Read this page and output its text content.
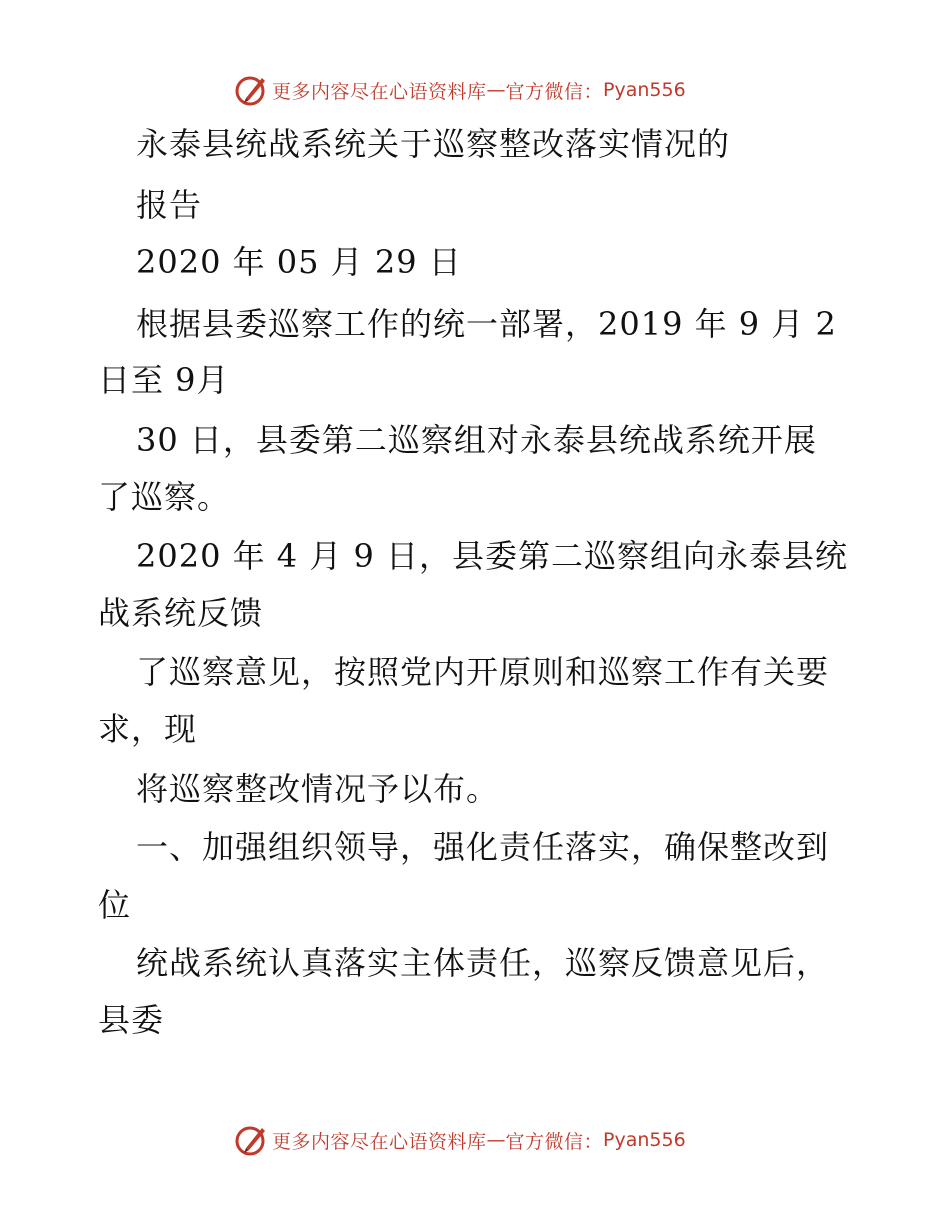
更多内容尽在心语资料库 — 官方微信： Pyan556
永泰县统战系统关于巡察整改落实情况的
报告
2020 年 05 月 29 日
根据县委巡察工作的统一部署，2019 年 9 月 2
日至 9月
30 日，县委第二巡察组对永泰县统战系统开展
了巡察。
2020 年 4 月 9 日，县委第二巡察组向永泰县统
战系统反馈
了巡察意见，按照党内开原则和巡察工作有关要
求，现
将巡察整改情况予以布。
一、加强组织领导，强化责任落实，确保整改到
位
统战系统认真落实主体责任，巡察反馈意见后，
县委
更多内容尽在心语资料库 — 官方微信： Pyan556
